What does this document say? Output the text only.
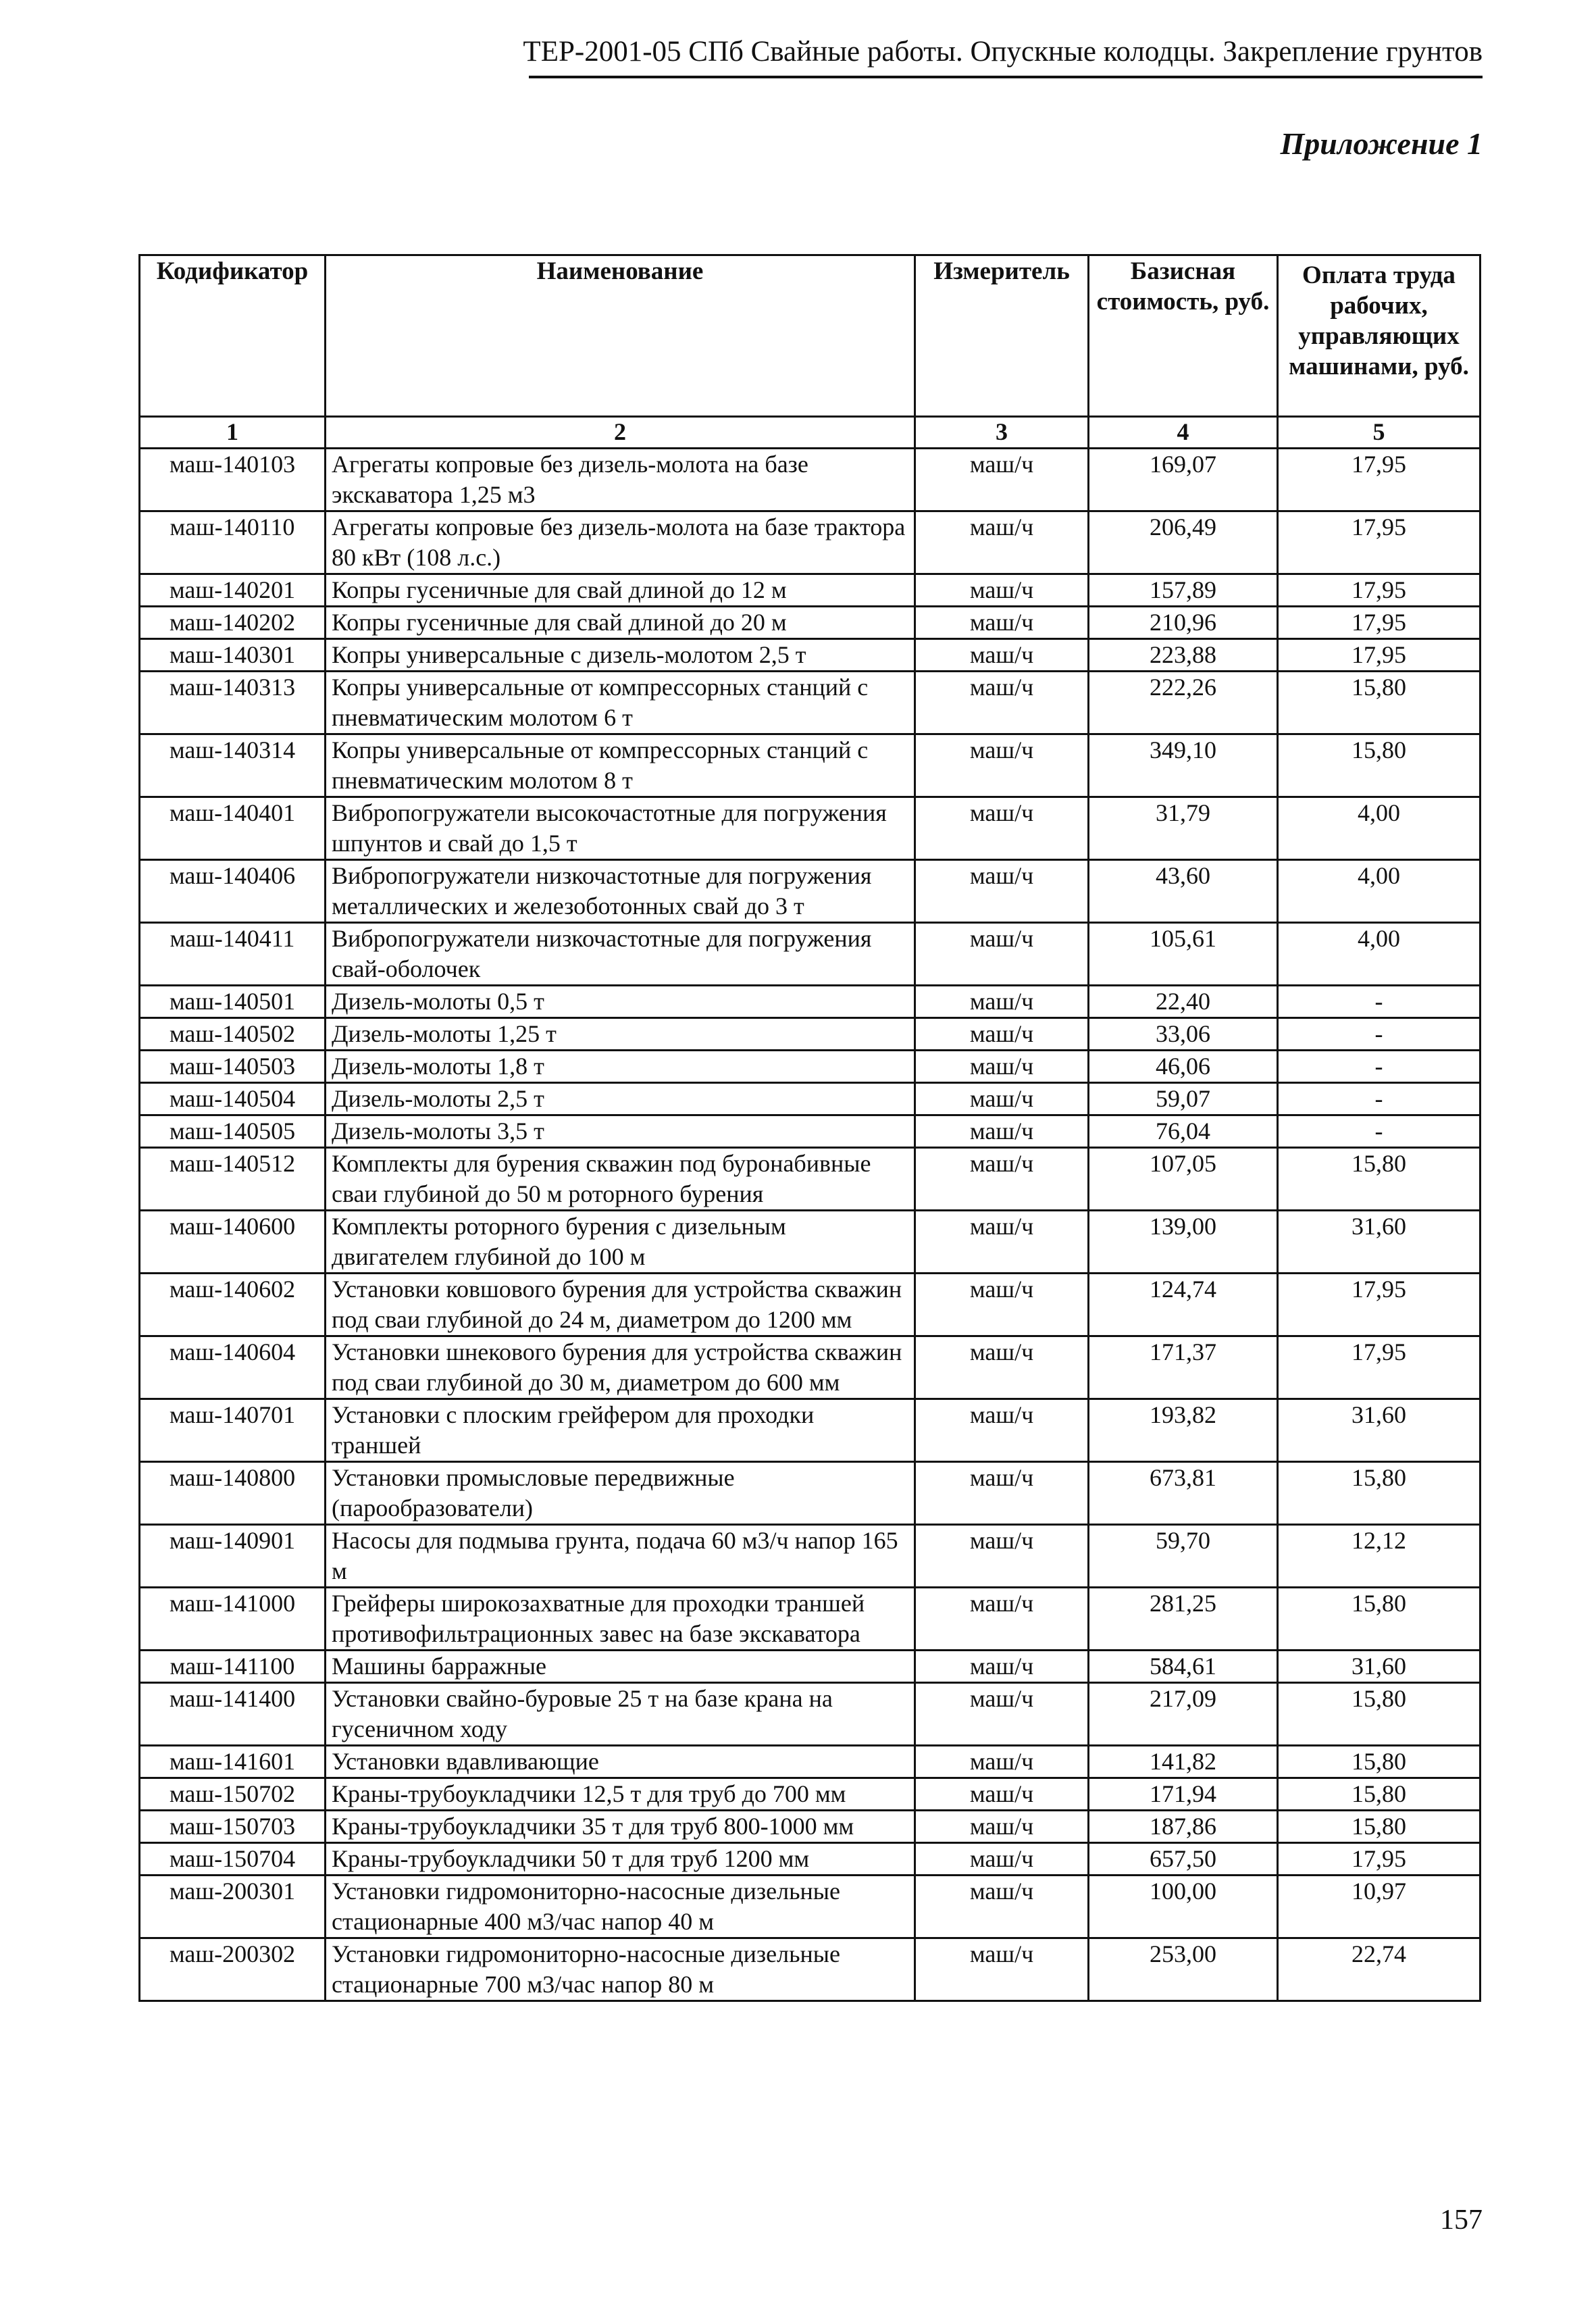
ТЕР-2001-05 СПб Свайные работы. Опускные колодцы. Закрепление грунтов
Приложение 1
Кодификатор	Наименование	Измеритель	Базисная стоимость, руб.	Оплата труда рабочих, управляющих машинами, руб.
1	2	3	4	5
маш-140103	Агрегаты копровые без дизель-молота на базе экскаватора 1,25 м3	маш/ч	169,07	17,95
маш-140110	Агрегаты копровые без дизель-молота на базе трактора 80 кВт (108 л.с.)	маш/ч	206,49	17,95
маш-140201	Копры гусеничные для свай длиной до 12 м	маш/ч	157,89	17,95
маш-140202	Копры гусеничные для свай длиной до 20 м	маш/ч	210,96	17,95
маш-140301	Копры универсальные с дизель-молотом 2,5 т	маш/ч	223,88	17,95
маш-140313	Копры универсальные от компрессорных станций с пневматическим молотом 6 т	маш/ч	222,26	15,80
маш-140314	Копры универсальные от компрессорных станций с пневматическим молотом 8 т	маш/ч	349,10	15,80
маш-140401	Вибропогружатели высокочастотные для погружения шпунтов и свай до 1,5 т	маш/ч	31,79	4,00
маш-140406	Вибропогружатели низкочастотные для погружения металлических и железоботонных свай до 3 т	маш/ч	43,60	4,00
маш-140411	Вибропогружатели низкочастотные для погружения свай-оболочек	маш/ч	105,61	4,00
маш-140501	Дизель-молоты 0,5 т	маш/ч	22,40	-
маш-140502	Дизель-молоты 1,25 т	маш/ч	33,06	-
маш-140503	Дизель-молоты 1,8 т	маш/ч	46,06	-
маш-140504	Дизель-молоты 2,5 т	маш/ч	59,07	-
маш-140505	Дизель-молоты 3,5 т	маш/ч	76,04	-
маш-140512	Комплекты для бурения скважин под буронабивные сваи глубиной до 50 м роторного бурения	маш/ч	107,05	15,80
маш-140600	Комплекты роторного бурения с дизельным двигателем глубиной до 100 м	маш/ч	139,00	31,60
маш-140602	Установки ковшового бурения для устройства скважин под сваи глубиной до 24 м, диаметром до 1200 мм	маш/ч	124,74	17,95
маш-140604	Установки шнекового бурения для устройства скважин под сваи глубиной до 30 м, диаметром до 600 мм	маш/ч	171,37	17,95
маш-140701	Установки с плоским грейфером для проходки траншей	маш/ч	193,82	31,60
маш-140800	Установки промысловые передвижные (парообразователи)	маш/ч	673,81	15,80
маш-140901	Насосы для подмыва грунта, подача 60 м3/ч напор 165 м	маш/ч	59,70	12,12
маш-141000	Грейферы широкозахватные для проходки траншей противофильтрационных завес на базе экскаватора	маш/ч	281,25	15,80
маш-141100	Машины барражные	маш/ч	584,61	31,60
маш-141400	Установки свайно-буровые 25 т на базе крана на гусеничном ходу	маш/ч	217,09	15,80
маш-141601	Установки вдавливающие	маш/ч	141,82	15,80
маш-150702	Краны-трубоукладчики 12,5 т для труб до 700 мм	маш/ч	171,94	15,80
маш-150703	Краны-трубоукладчики 35 т для труб 800-1000 мм	маш/ч	187,86	15,80
маш-150704	Краны-трубоукладчики 50 т для труб 1200 мм	маш/ч	657,50	17,95
маш-200301	Установки гидромониторно-насосные дизельные стационарные 400 м3/час напор 40 м	маш/ч	100,00	10,97
маш-200302	Установки гидромониторно-насосные дизельные стационарные 700 м3/час напор 80 м	маш/ч	253,00	22,74
157
